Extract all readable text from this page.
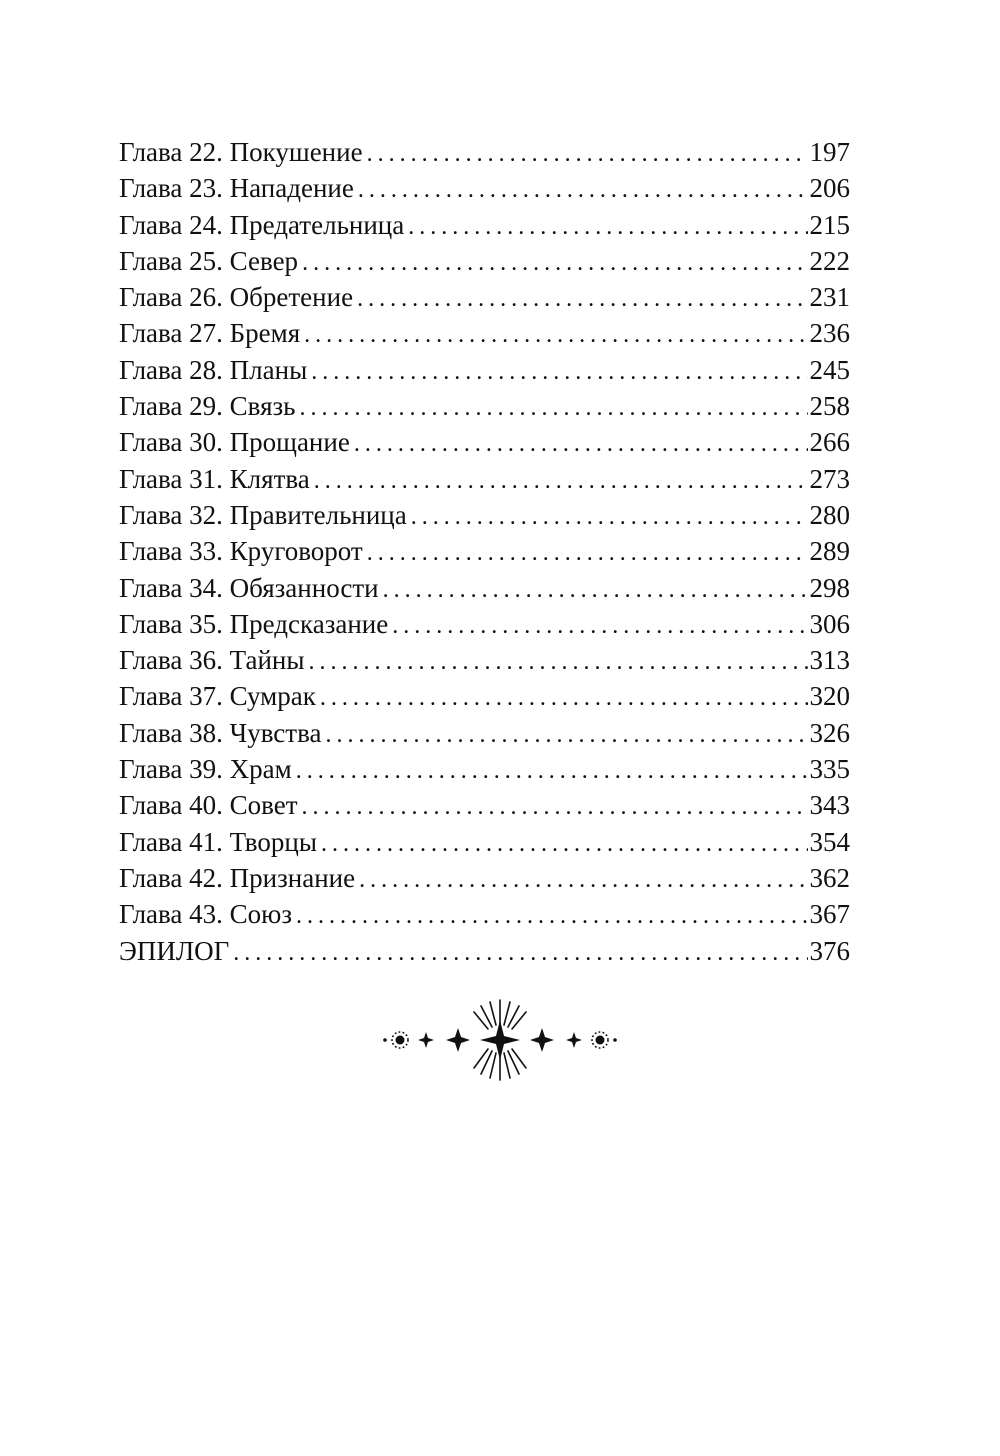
Глава 22. Покушение . . .	197
Глава 23. Нападение . . .	206
Глава 24. Предательница . . .	215
Глава 25. Север . . .	222
Глава 26. Обретение . . .	231
Глава 27. Бремя . . .	236
Глава 28. Планы . . .	245
Глава 29. Связь . . .	258
Глава 30. Прощание . . .	266
Глава 31. Клятва . . .	273
Глава 32. Правительница . . .	280
Глава 33. Круговорот . . .	289
Глава 34. Обязанности . . .	298
Глава 35. Предсказание . . .	306
Глава 36. Тайны . . .	313
Глава 37. Сумрак . . .	320
Глава 38. Чувства . . .	326
Глава 39. Храм . . .	335
Глава 40. Совет . . .	343
Глава 41. Творцы . . .	354
Глава 42. Признание . . .	362
Глава 43. Союз . . .	367
ЭПИЛОГ . . .	376
